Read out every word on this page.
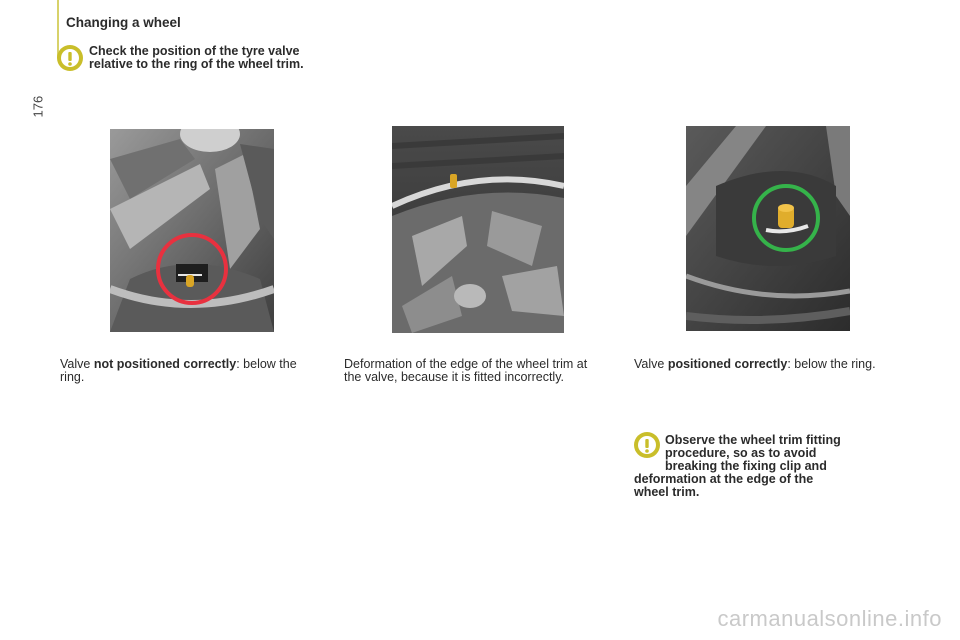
176
Changing a wheel
Check the position of the tyre valve relative to the ring of the wheel trim.
Valve not positioned correctly: below the ring.
Deformation of the edge of the wheel trim at the valve, because it is fitted incorrectly.
Valve positioned correctly: below the ring.
Observe the wheel trim fitting
procedure, so as to avoid
breaking the fixing clip and
deformation at the edge of the
wheel trim.
carmanualsonline.info
